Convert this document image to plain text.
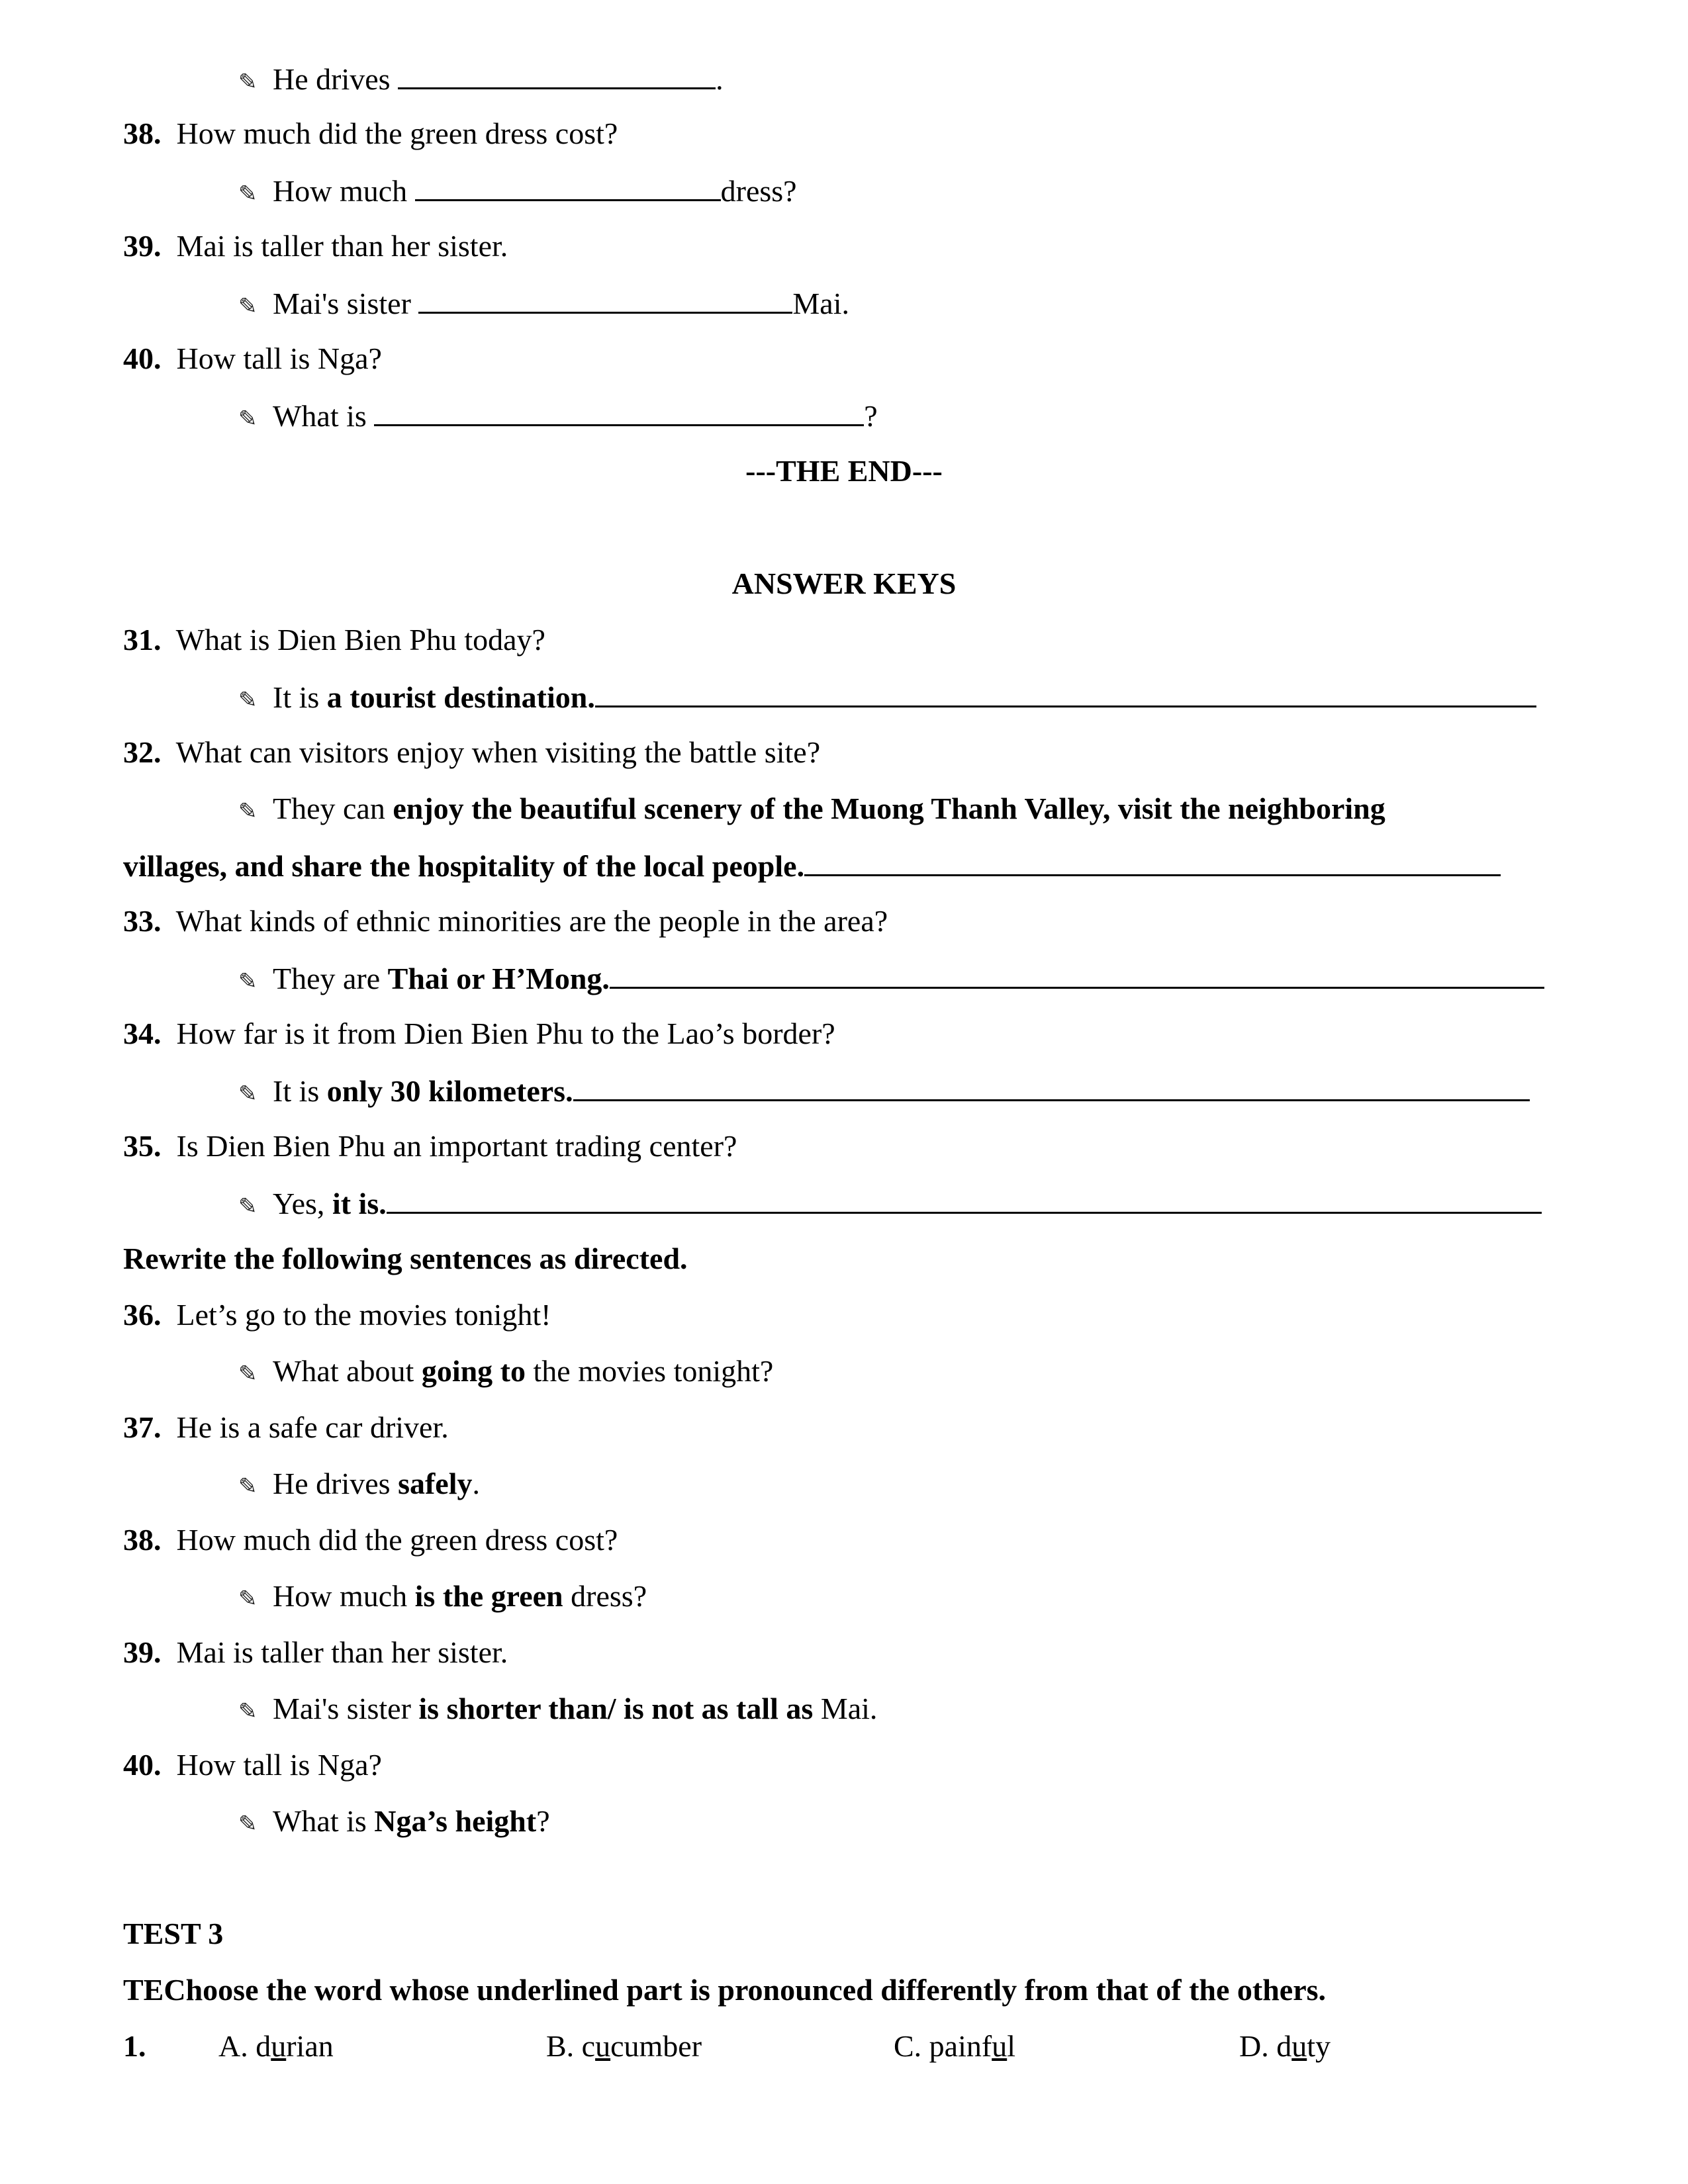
✎ He drives	.
38. How much did the green dress cost?
✎ How much	dress?
39. Mai is taller than her sister.
✎ Mai's sister	Mai.
40. How tall is Nga?
✎ What is	?
---THE END---
ANSWER KEYS
31. What is Dien Bien Phu today?
✎ It is a tourist destination.
32. What can visitors enjoy when visiting the battle site?
✎ They can enjoy the beautiful scenery of the Muong Thanh Valley, visit the neighboring
villages, and share the hospitality of the local people.
33. What kinds of ethnic minorities are the people in the area?
✎ They are Thai or H’Mong.
34. How far is it from Dien Bien Phu to the Lao’s border?
✎ It is only 30 kilometers.
35. Is Dien Bien Phu an important trading center?
✎ Yes, it is.
Rewrite the following sentences as directed.
36. Let’s go to the movies tonight!
✎ What about going to the movies tonight?
37. He is a safe car driver.
✎ He drives safely.
38. How much did the green dress cost?
✎ How much is the green dress?
39. Mai is taller than her sister.
✎ Mai's sister is shorter than/ is not as tall as Mai.
40. How tall is Nga?
✎ What is Nga’s height?
TEST 3
TEChoose the word whose underlined part is pronounced differently from that of the others.
1. A. durian	B. cucumber	C. painful	D. duty
